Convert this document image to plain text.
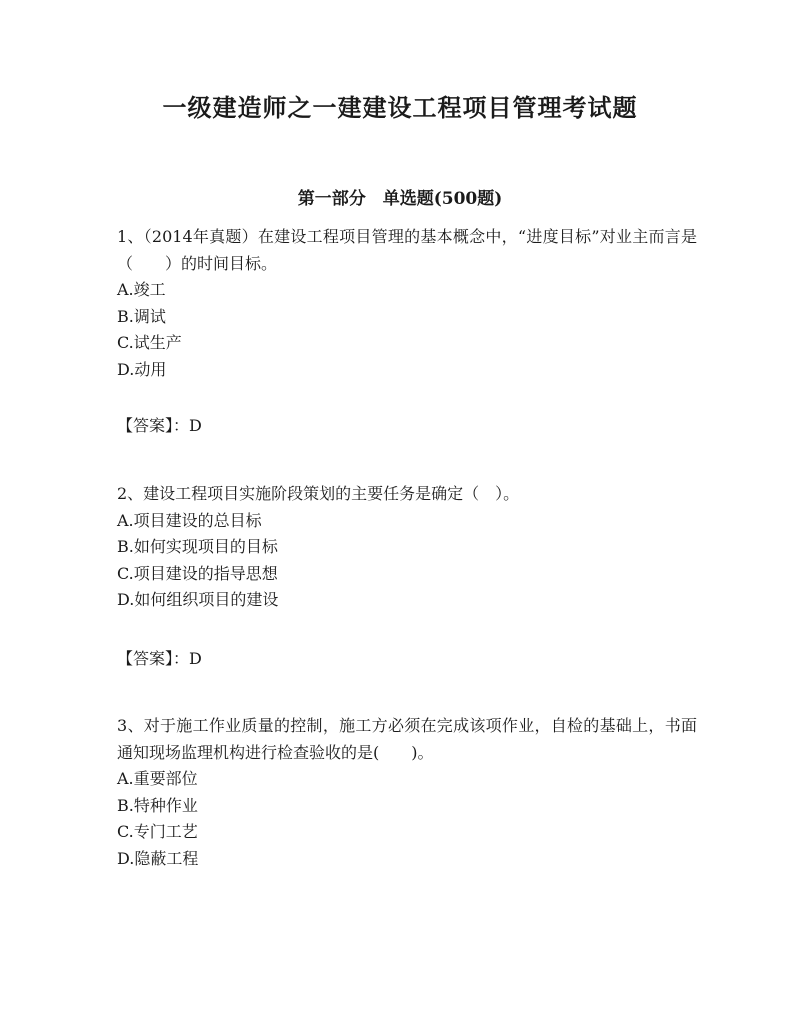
一级建造师之一建建设工程项目管理考试题
第一部分　单选题(500题)

1、（2014年真题）在建设工程项目管理的基本概念中，“进度目标”对业主而言是（　　）的时间目标。

A.竣工

B.调试

C.试生产

D.动用

【答案】：D

2、建设工程项目实施阶段策划的主要任务是确定（　）。

A.项目建设的总目标

B.如何实现项目的目标

C.项目建设的指导思想

D.如何组织项目的建设

【答案】：D

3、对于施工作业质量的控制，施工方必须在完成该项作业，自检的基础上，书面通知现场监理机构进行检查验收的是(　　)。

A.重要部位

B.特种作业

C.专门工艺

D.隐蔽工程
